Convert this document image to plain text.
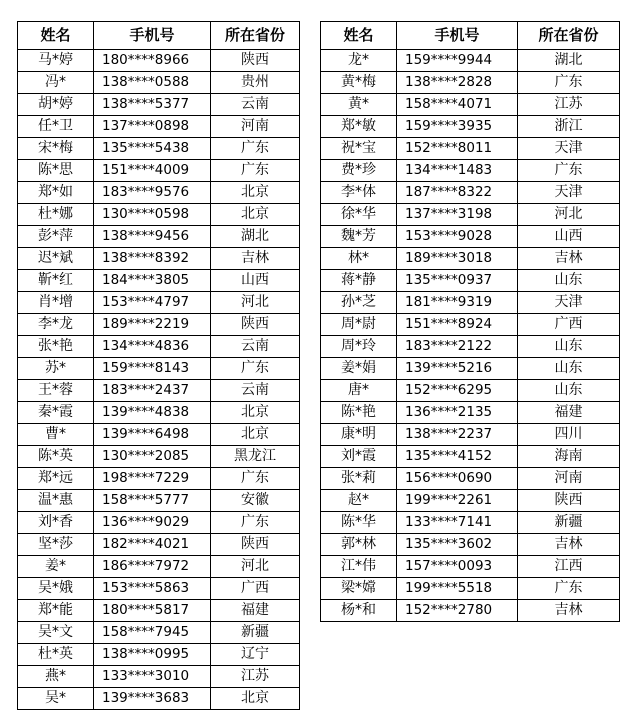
姓名	手机号	所在省份
马*婷	180****8966	陕西
冯*	138****0588	贵州
胡*婷	138****5377	云南
任*卫	137****0898	河南
宋*梅	135****5438	广东
陈*思	151****4009	广东
郑*如	183****9576	北京
杜*娜	130****0598	北京
彭*萍	138****9456	湖北
迟*斌	138****8392	吉林
靳*红	184****3805	山西
肖*增	153****4797	河北
李*龙	189****2219	陕西
张*艳	134****4836	云南
苏*	159****8143	广东
王*蓉	183****2437	云南
秦*霞	139****4838	北京
曹*	139****6498	北京
陈*英	130****2085	黑龙江
郑*远	198****7229	广东
温*惠	158****5777	安徽
刘*香	136****9029	广东
坚*莎	182****4021	陕西
姜*	186****7972	河北
吴*娥	153****5863	广西
郑*能	180****5817	福建
吴*文	158****7945	新疆
杜*英	138****0995	辽宁
燕*	133****3010	江苏
吴*	139****3683	北京
姓名	手机号	所在省份
龙*	159****9944	湖北
黄*梅	138****2828	广东
黄*	158****4071	江苏
郑*敏	159****3935	浙江
祝*宝	152****8011	天津
费*珍	134****1483	广东
李*体	187****8322	天津
徐*华	137****3198	河北
魏*芳	153****9028	山西
林*	189****3018	吉林
蒋*静	135****0937	山东
孙*芝	181****9319	天津
周*尉	151****8924	广西
周*玲	183****2122	山东
姜*娟	139****5216	山东
唐*	152****6295	山东
陈*艳	136****2135	福建
康*明	138****2237	四川
刘*霞	135****4152	海南
张*莉	156****0690	河南
赵*	199****2261	陕西
陈*华	133****7141	新疆
郭*林	135****3602	吉林
江*伟	157****0093	江西
梁*嫦	199****5518	广东
杨*和	152****2780	吉林
